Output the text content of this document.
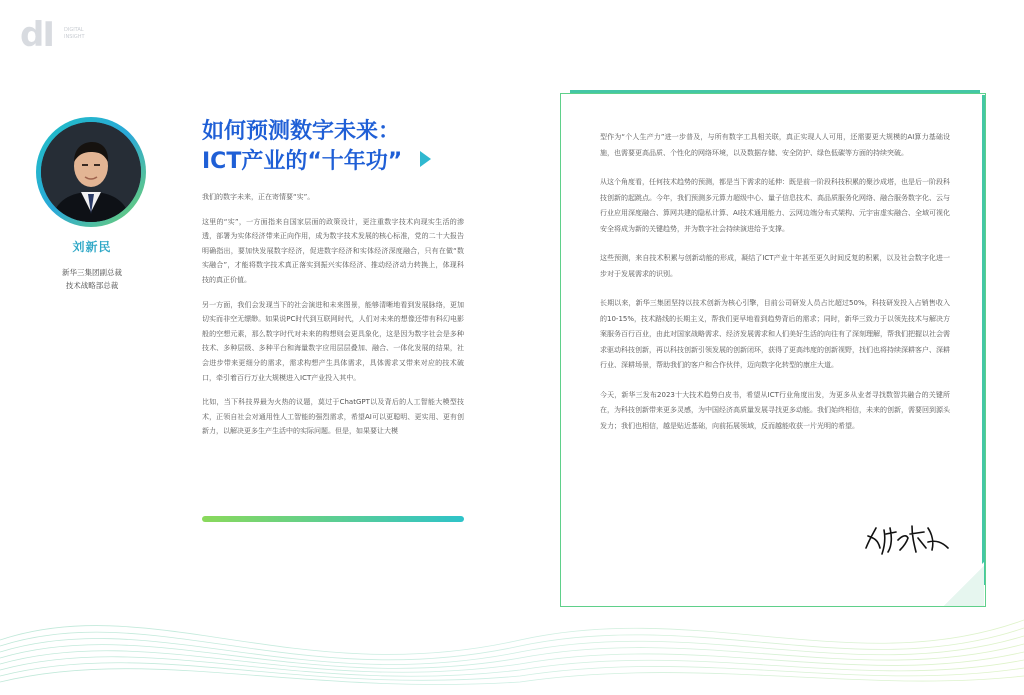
dI DIGITAL INSIGHT
刘新民
新华三集团副总裁
技术战略部总裁
如何预测数字未来：
ICT产业的“十年功”

我们的数字未来，正在寄情要“实”。

这里的“实”，一方面指来自国家层面的政策设计，更注重数字技术向现实生活的渗透，部署为实体经济带来正向作用，成为数字技术发展的核心标准，党的二十大报告明确指出，要加快发展数字经济，促进数字经济和实体经济深度融合，只有在做“数实融合”，才能将数字技术真正落实到振兴实体经济、推动经济动力转换上，体现科技的真正价值。

另一方面，我们会发现当下的社会演进和未来图景，能够清晰地看到发展脉络，更加切实而非空无缥缈。如果说PC时代到互联网时代，人们对未来的想像还带有科幻电影般的空想元素，那么数字时代对未来的构想则会更具象化，这是因为数字社会是多种技术、多种层级、多种平台和海量数字应用层层叠加、融合、一体化发展的结果，社会进步带来更细分的需求，需求构想产生具体需求，具体需求又带来对应的技术破口，牵引着百行万业大规模进入ICT产业投入其中。

比如，当下科技界最为火热的议题，莫过于ChatGPT以及背后的人工智能大模型技术，正领自社会对通用性人工智能的强烈需求，希望AI可以更聪明、更实用、更有创新力，以解决更多生产生活中的实际问题。但是，如果要让大模

型作为“个人生产力”进一步普及，与所有数字工具相关联，真正实现人人可用，还需要更大规模的AI算力基础设施，也需要更高品质、个性化的网络环境，以及数据存储、安全防护、绿色低碳等方面的持续突破。

从这个角度看，任何技术趋势的预测，都是当下需求的延伸：既是前一阶段科技积累的聚沙成塔，也是后一阶段科技创新的起跳点。今年，我们预测多元算力超级中心、量子信息技术、高品质服务化网络、融合服务数字化、云与行业应用深度融合、算网共建的隐私计算、AI技术通用能力、云网边端分布式架构、元宇宙虚实融合、全域可视化安全将成为新的关键趋势，并为数字社会持续演进给予支撑。

这些预测，来自技术积累与创新动能的形成，凝结了ICT产业十年甚至更久时间反复的积累，以及社会数字化进一步对于发展需求的识别。

长期以来，新华三集团坚持以技术创新为核心引擎，目前公司研发人员占比超过50%，科技研发投入占销售收入的10-15%，技术路线的长期主义，帮我们更早地看到趋势背后的需求；同时，新华三致力于以领先技术与解决方案服务百行百业，由此对国家战略需求、经济发展需求和人们美好生活的向往有了深刻理解，帮我们把握以社会需求驱动科技创新，再以科技创新引领发展的创新闭环，获得了更高纬度的创新视野，找们也将持续深耕客户、深耕行业、深耕场景，帮助我们的客户和合作伙伴，迈向数字化转型的康庄大道。

今天，新华三发布2023十大技术趋势白皮书，希望从ICT行业角度出发，为更多从业者寻找数智共融合的关键所在，为科技创新带来更多灵感，为中国经济高质量发展寻找更多动能。我们始终相信，未来的创新，需要回到源头发力；我们也相信，越是贴近基础，向前拓展领域，反而越能收获一片光明的希望。
